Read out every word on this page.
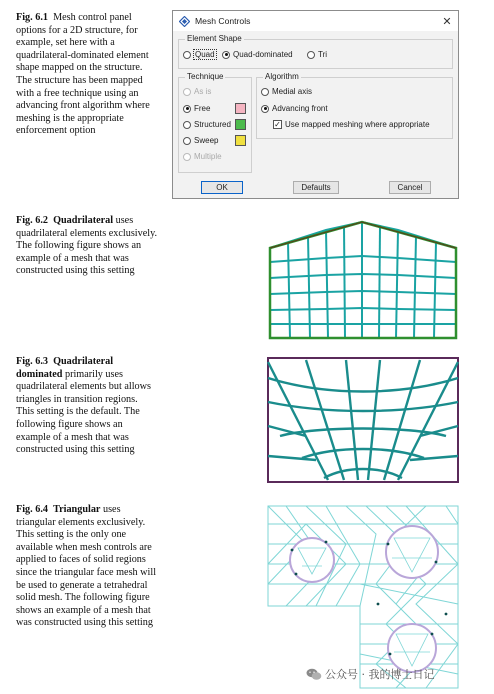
Fig. 6.1 Mesh control panel options for a 2D structure, for example, set here with a quadrilateral-dominated element shape mapped on the structure. The structure has been mapped with a free technique using an advancing front algorithm where meshing is the appropriate enforcement option
Fig. 6.2 Quadrilateral uses quadrilateral elements exclusively. The following figure shows an example of a mesh that was constructed using this setting
Fig. 6.3 Quadrilateral dominated primarily uses quadrilateral elements but allows triangles in transition regions. This setting is the default. The following figure shows an example of a mesh that was constructed using this setting
Fig. 6.4 Triangular uses triangular elements exclusively. This setting is the only one available when mesh controls are applied to faces of solid regions since the triangular face mesh will be used to generate a tetrahedral solid mesh. The following figure shows an example of a mesh that was constructed using this setting
Mesh Controls	✕
Element Shape
Quad Quad-dominated	Tri
Technique
As is
Free
Structured
Sweep
Multiple
Algorithm
Medial axis
Advancing front
✓ Use mapped meshing where appropriate
OK	Defaults	Cancel
公众号 · 我的博士日记
